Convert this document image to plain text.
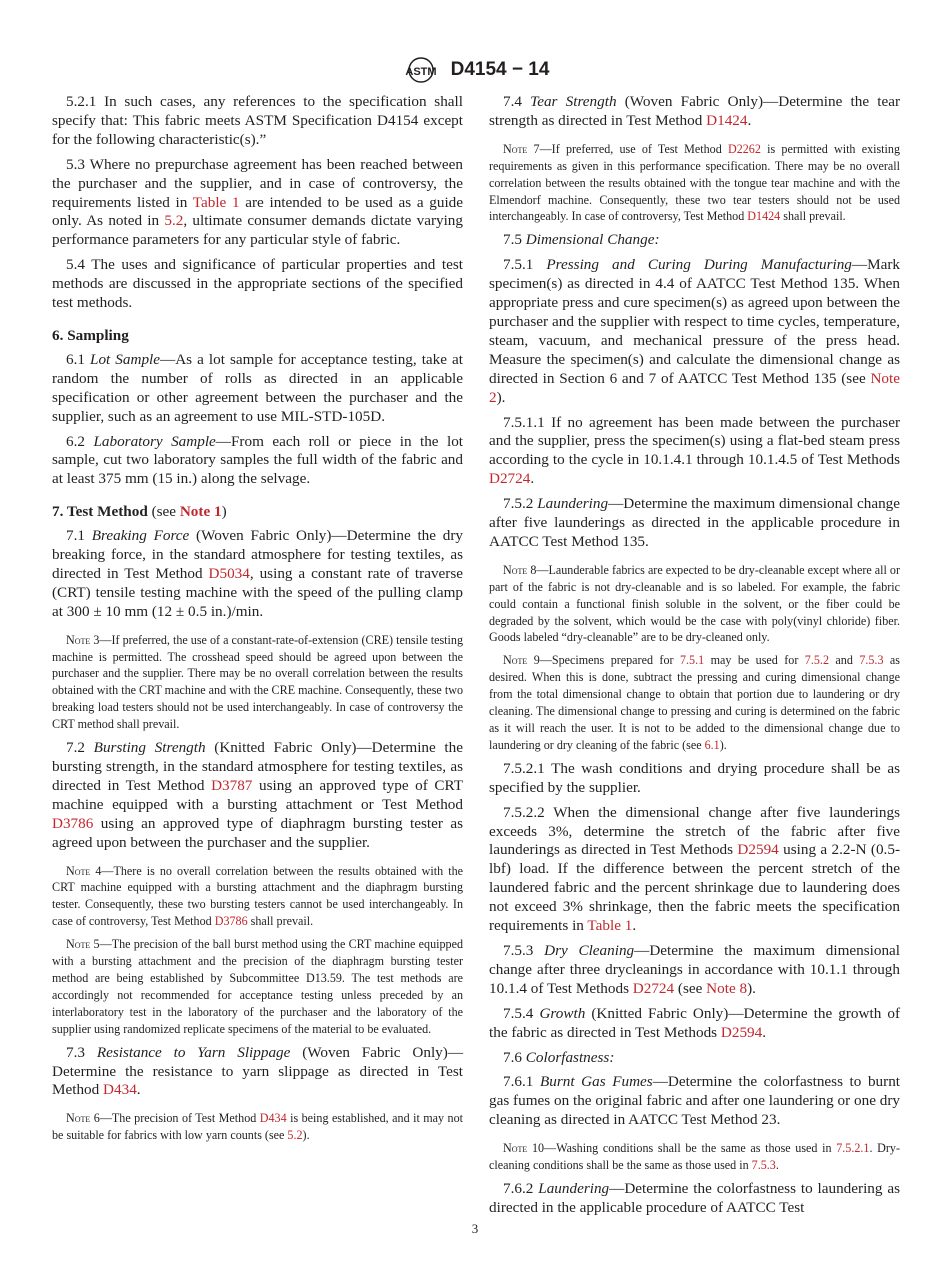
ASTM D4154 − 14
5.2.1 In such cases, any references to the specification shall specify that: This fabric meets ASTM Specification D4154 except for the following characteristic(s).”
5.3 Where no prepurchase agreement has been reached between the purchaser and the supplier, and in case of controversy, the requirements listed in Table 1 are intended to be used as a guide only. As noted in 5.2, ultimate consumer demands dictate varying performance parameters for any particular style of fabric.
5.4 The uses and significance of particular properties and test methods are discussed in the appropriate sections of the specified test methods.
6. Sampling
6.1 Lot Sample—As a lot sample for acceptance testing, take at random the number of rolls as directed in an applicable specification or other agreement between the purchaser and the supplier, such as an agreement to use MIL-STD-105D.
6.2 Laboratory Sample—From each roll or piece in the lot sample, cut two laboratory samples the full width of the fabric and at least 375 mm (15 in.) along the selvage.
7. Test Method (see Note 1)
7.1 Breaking Force (Woven Fabric Only)—Determine the dry breaking force, in the standard atmosphere for testing textiles, as directed in Test Method D5034, using a constant rate of traverse (CRT) tensile testing machine with the speed of the pulling clamp at 300 ± 10 mm (12 ± 0.5 in.)/min.
Note 3—If preferred, the use of a constant-rate-of-extension (CRE) tensile testing machine is permitted. The crosshead speed should be agreed upon between the purchaser and the supplier. There may be no overall correlation between the results obtained with the CRT machine and with the CRE machine. Consequently, these two breaking load testers should not be used interchangeably. In case of controversy the CRT method shall prevail.
7.2 Bursting Strength (Knitted Fabric Only)—Determine the bursting strength, in the standard atmosphere for testing textiles, as directed in Test Method D3787 using an approved type of CRT machine equipped with a bursting attachment or Test Method D3786 using an approved type of diaphragm bursting tester as agreed upon between the purchaser and the supplier.
Note 4—There is no overall correlation between the results obtained with the CRT machine equipped with a bursting attachment and the diaphragm bursting tester. Consequently, these two bursting testers cannot be used interchangeably. In case of controversy, Test Method D3786 shall prevail.
Note 5—The precision of the ball burst method using the CRT machine equipped with a bursting attachment and the precision of the diaphragm bursting tester method are being established by Subcommittee D13.59. The test methods are accordingly not recommended for acceptance testing unless preceded by an interlaboratory test in the laboratory of the purchaser and the laboratory of the supplier using randomized replicate specimens of the material to be evaluated.
7.3 Resistance to Yarn Slippage (Woven Fabric Only)—Determine the resistance to yarn slippage as directed in Test Method D434.
Note 6—The precision of Test Method D434 is being established, and it may not be suitable for fabrics with low yarn counts (see 5.2).
7.4 Tear Strength (Woven Fabric Only)—Determine the tear strength as directed in Test Method D1424.
Note 7—If preferred, use of Test Method D2262 is permitted with existing requirements as given in this performance specification. There may be no overall correlation between the results obtained with the tongue tear machine and with the Elmendorf machine. Consequently, these two tear testers should not be used interchangeably. In case of controversy, Test Method D1424 shall prevail.
7.5 Dimensional Change:
7.5.1 Pressing and Curing During Manufacturing—Mark specimen(s) as directed in 4.4 of AATCC Test Method 135. When appropriate press and cure specimen(s) as agreed upon between the purchaser and the supplier with respect to time cycles, temperature, steam, vacuum, and mechanical pressure of the press head. Measure the specimen(s) and calculate the dimensional change as directed in Section 6 and 7 of AATCC Test Method 135 (see Note 2).
7.5.1.1 If no agreement has been made between the purchaser and the supplier, press the specimen(s) using a flat-bed steam press according to the cycle in 10.1.4.1 through 10.1.4.5 of Test Methods D2724.
7.5.2 Laundering—Determine the maximum dimensional change after five launderings as directed in the applicable procedure in AATCC Test Method 135.
Note 8—Launderable fabrics are expected to be dry-cleanable except where all or part of the fabric is not dry-cleanable and is so labeled. For example, the fabric could contain a functional finish soluble in the solvent, or the fiber could be degraded by the solvent, which would be the case with poly(vinyl chloride) fiber. Goods labeled “dry-cleanable” are to be dry-cleaned only.
Note 9—Specimens prepared for 7.5.1 may be used for 7.5.2 and 7.5.3 as desired. When this is done, subtract the pressing and curing dimensional change from the total dimensional change to obtain that portion due to laundering or dry cleaning. The dimensional change to pressing and curing is determined on the fabric as it will reach the user. It is not to be added to the dimensional change due to laundering or dry cleaning of the fabric (see 6.1).
7.5.2.1 The wash conditions and drying procedure shall be as specified by the supplier.
7.5.2.2 When the dimensional change after five launderings exceeds 3%, determine the stretch of the fabric after five launderings as directed in Test Methods D2594 using a 2.2-N (0.5-lbf) load. If the difference between the percent stretch of the laundered fabric and the percent shrinkage due to laundering does not exceed 3% shrinkage, then the fabric meets the specification requirements in Table 1.
7.5.3 Dry Cleaning—Determine the maximum dimensional change after three drycleanings in accordance with 10.1.1 through 10.1.4 of Test Methods D2724 (see Note 8).
7.5.4 Growth (Knitted Fabric Only)—Determine the growth of the fabric as directed in Test Methods D2594.
7.6 Colorfastness:
7.6.1 Burnt Gas Fumes—Determine the colorfastness to burnt gas fumes on the original fabric and after one laundering or one dry cleaning as directed in AATCC Test Method 23.
Note 10—Washing conditions shall be the same as those used in 7.5.2.1. Dry-cleaning conditions shall be the same as those used in 7.5.3.
7.6.2 Laundering—Determine the colorfastness to laundering as directed in the applicable procedure of AATCC Test
3
